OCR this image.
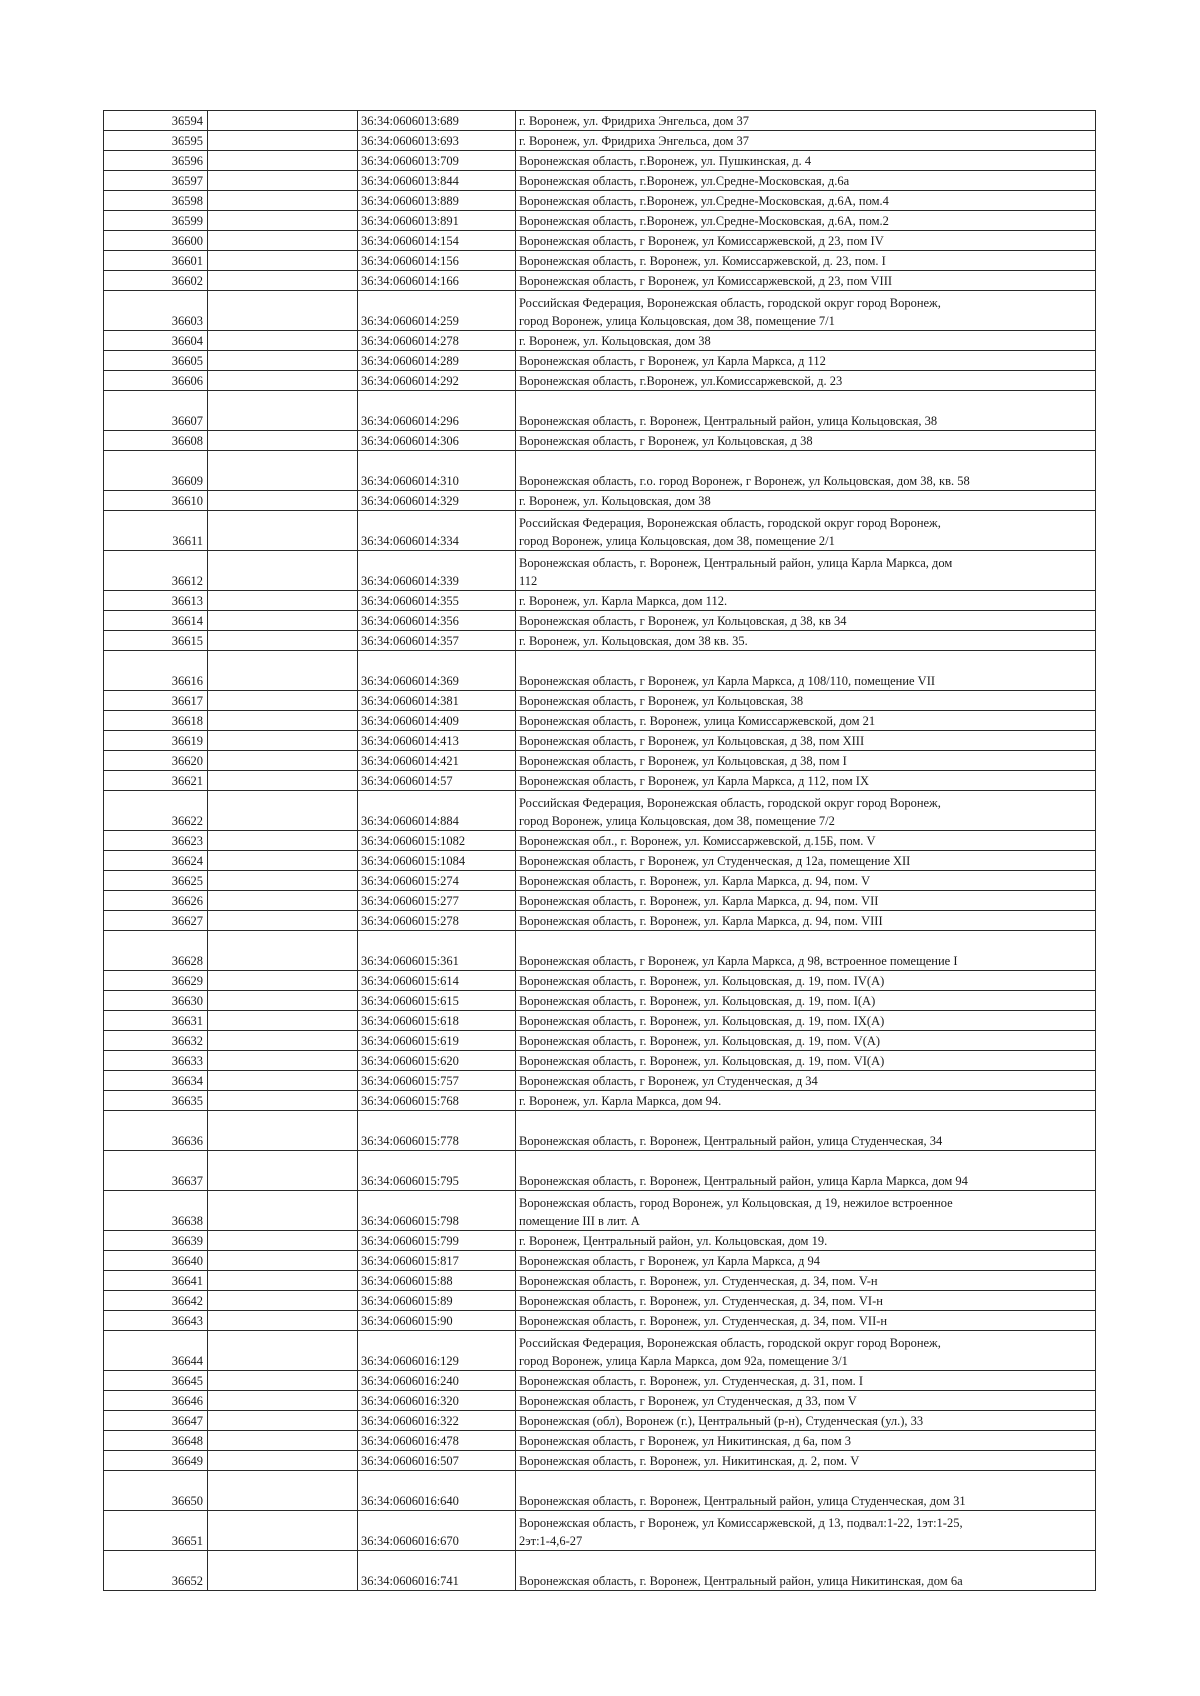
36594		36:34:0606013:689	г. Воронеж, ул. Фридриха Энгельса, дом 37

36595		36:34:0606013:693	г. Воронеж, ул. Фридриха Энгельса, дом 37

36596		36:34:0606013:709	Воронежская область, г.Воронеж, ул. Пушкинская, д. 4

36597		36:34:0606013:844	Воронежская область, г.Воронеж, ул.Средне-Московская, д.6а

36598		36:34:0606013:889	Воронежская область, г.Воронеж, ул.Средне-Московская, д.6А, пом.4

36599		36:34:0606013:891	Воронежская область, г.Воронеж, ул.Средне-Московская, д.6А, пом.2

36600		36:34:0606014:154	Воронежская область, г Воронеж, ул Комиссаржевской, д 23, пом IV

36601		36:34:0606014:156	Воронежская область, г. Воронеж, ул. Комиссаржевской, д. 23, пом. I

36602		36:34:0606014:166	Воронежская область, г Воронеж, ул Комиссаржевской, д 23, пом VIII

36603		36:34:0606014:259	Российская Федерация, Воронежская область, городской округ город Воронеж,
город Воронеж, улица Кольцовская, дом 38, помещение 7/1

36604		36:34:0606014:278	г. Воронеж, ул. Кольцовская, дом 38

36605		36:34:0606014:289	Воронежская область, г Воронеж, ул Карла Маркса, д 112

36606		36:34:0606014:292	Воронежская область, г.Воронеж, ул.Комиссаржевской, д. 23

36607		36:34:0606014:296	Воронежская область, г. Воронеж, Центральный район, улица Кольцовская, 38

36608		36:34:0606014:306	Воронежская область, г Воронеж, ул Кольцовская, д 38

36609		36:34:0606014:310	Воронежская область, г.о. город Воронеж, г Воронеж, ул Кольцовская, дом 38, кв. 58

36610		36:34:0606014:329	г. Воронеж, ул. Кольцовская, дом 38

36611		36:34:0606014:334	Российская Федерация, Воронежская область, городской округ город Воронеж,
город Воронеж, улица Кольцовская, дом 38, помещение 2/1

36612		36:34:0606014:339	Воронежская область, г. Воронеж, Центральный район, улица Карла Маркса, дом
112

36613		36:34:0606014:355	г. Воронеж, ул. Карла Маркса, дом 112.

36614		36:34:0606014:356	Воронежская область, г Воронеж, ул Кольцовская, д 38, кв 34

36615		36:34:0606014:357	г. Воронеж, ул. Кольцовская, дом 38 кв. 35.

36616		36:34:0606014:369	Воронежская область, г Воронеж, ул Карла Маркса, д 108/110, помещение VII

36617		36:34:0606014:381	Воронежская область, г Воронеж, ул Кольцовская, 38

36618		36:34:0606014:409	Воронежская область, г. Воронеж, улица Комиссаржевской, дом 21

36619		36:34:0606014:413	Воронежская область, г Воронеж, ул Кольцовская, д 38, пом XIII

36620		36:34:0606014:421	Воронежская область, г Воронеж, ул Кольцовская, д 38, пом I

36621		36:34:0606014:57	Воронежская область, г Воронеж, ул Карла Маркса, д 112, пом IX

36622		36:34:0606014:884	Российская Федерация, Воронежская область, городской округ город Воронеж,
город Воронеж, улица Кольцовская, дом 38, помещение 7/2

36623		36:34:0606015:1082	Воронежская обл., г. Воронеж, ул. Комиссаржевской, д.15Б, пом. V

36624		36:34:0606015:1084	Воронежская область, г Воронеж, ул Студенческая, д 12а, помещение XII

36625		36:34:0606015:274	Воронежская область, г. Воронеж, ул. Карла Маркса, д. 94, пом. V

36626		36:34:0606015:277	Воронежская область, г. Воронеж, ул. Карла Маркса, д. 94, пом. VII

36627		36:34:0606015:278	Воронежская область, г. Воронеж, ул. Карла Маркса, д. 94, пом. VIII

36628		36:34:0606015:361	Воронежская область, г Воронеж, ул Карла Маркса, д 98, встроенное помещение I

36629		36:34:0606015:614	Воронежская область, г. Воронеж, ул. Кольцовская, д. 19, пом. IV(А)

36630		36:34:0606015:615	Воронежская область, г. Воронеж, ул. Кольцовская, д. 19, пом. I(А)

36631		36:34:0606015:618	Воронежская область, г. Воронеж, ул. Кольцовская, д. 19, пом. IX(А)

36632		36:34:0606015:619	Воронежская область, г. Воронеж, ул. Кольцовская, д. 19, пом. V(А)

36633		36:34:0606015:620	Воронежская область, г. Воронеж, ул. Кольцовская, д. 19, пом. VI(А)

36634		36:34:0606015:757	Воронежская область, г Воронеж, ул Студенческая, д 34

36635		36:34:0606015:768	г. Воронеж, ул. Карла Маркса, дом 94.

36636		36:34:0606015:778	Воронежская область, г. Воронеж, Центральный район, улица Студенческая, 34

36637		36:34:0606015:795	Воронежская область, г. Воронеж, Центральный район, улица Карла Маркса, дом 94

36638		36:34:0606015:798	Воронежская область, город Воронеж, ул Кольцовская, д 19, нежилое встроенное
помещение III в лит. А

36639		36:34:0606015:799	г. Воронеж, Центральный район, ул. Кольцовская, дом 19.

36640		36:34:0606015:817	Воронежская область, г Воронеж, ул Карла Маркса, д 94

36641		36:34:0606015:88	Воронежская область, г. Воронеж, ул. Студенческая, д. 34, пом. V-н

36642		36:34:0606015:89	Воронежская область, г. Воронеж, ул. Студенческая, д. 34, пом. VI-н

36643		36:34:0606015:90	Воронежская область, г. Воронеж, ул. Студенческая, д. 34, пом. VII-н

36644		36:34:0606016:129	Российская Федерация, Воронежская область, городской округ город Воронеж,
город Воронеж, улица Карла Маркса, дом 92а, помещение 3/1

36645		36:34:0606016:240	Воронежская область, г. Воронеж, ул. Студенческая, д. 31, пом. I

36646		36:34:0606016:320	Воронежская область, г Воронеж, ул Студенческая, д 33, пом V

36647		36:34:0606016:322	Воронежская (обл), Воронеж (г.), Центральный (р-н), Студенческая (ул.), 33

36648		36:34:0606016:478	Воронежская область, г Воронеж, ул Никитинская, д 6а, пом 3

36649		36:34:0606016:507	Воронежская область, г. Воронеж, ул. Никитинская, д. 2, пом. V

36650		36:34:0606016:640	Воронежская область, г. Воронеж, Центральный район, улица Студенческая, дом 31

36651		36:34:0606016:670	Воронежская область, г Воронеж, ул Комиссаржевской, д 13, подвал:1-22, 1эт:1-25,
2эт:1-4,6-27

36652		36:34:0606016:741	Воронежская область, г. Воронеж, Центральный район, улица Никитинская, дом 6а
